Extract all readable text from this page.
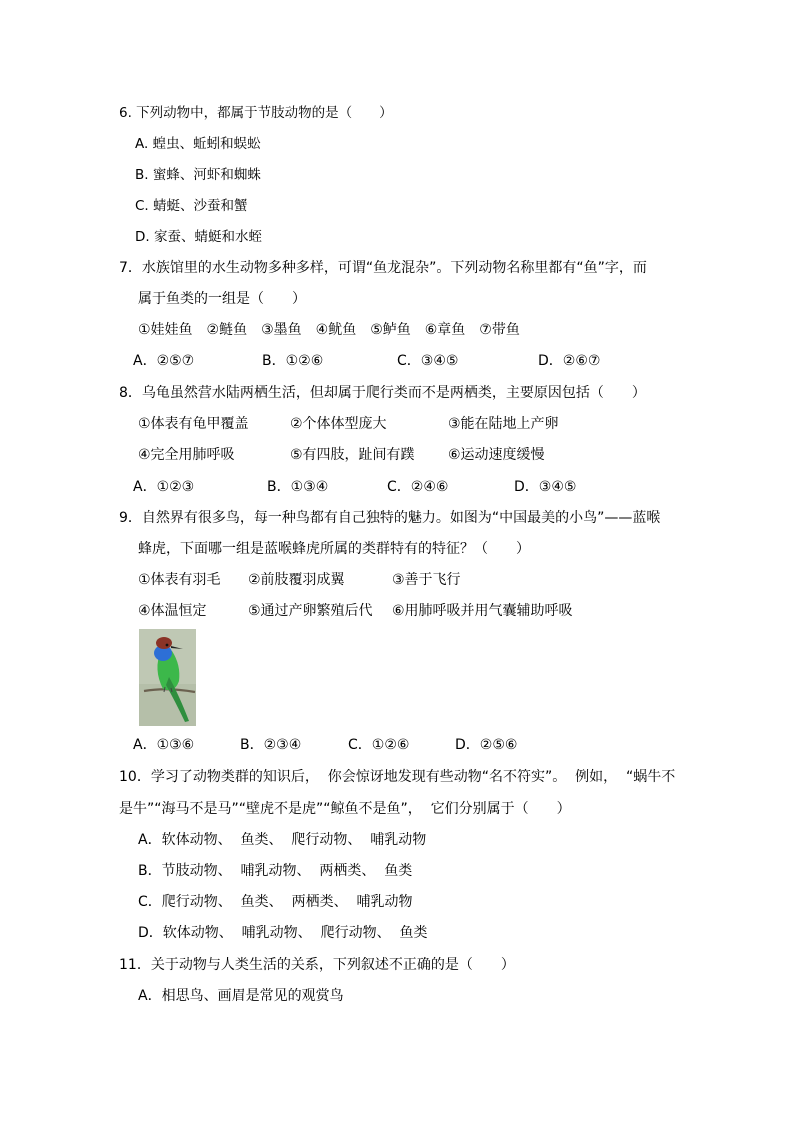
6. 下列动物中，都属于节肢动物的是（　　）
A. 蝗虫、蚯蚓和蜈蚣
B. 蜜蜂、河虾和蜘蛛
C. 蜻蜓、沙蚕和蟹
D. 家蚕、蜻蜓和水蛭
7．水族馆里的水生动物多种多样，可谓“鱼龙混杂”。下列动物名称里都有“鱼”字，而
属于鱼类的一组是（　　）
①娃娃鱼　②鲢鱼　③墨鱼　④鱿鱼　⑤鲈鱼　⑥章鱼　⑦带鱼
A．②⑤⑦	B．①②⑥	C．③④⑤	D．②⑥⑦
8．乌龟虽然营水陆两栖生活，但却属于爬行类而不是两栖类，主要原因包括（　　）
①体表有龟甲覆盖	②个体体型庞大	③能在陆地上产卵
④完全用肺呼吸	⑤有四肢，趾间有蹼 ⑥运动速度缓慢
A．①②③	B．①③④	C．②④⑥	D．③④⑤
9．自然界有很多鸟，每一种鸟都有自己独特的魅力。如图为“中国最美的小鸟”——蓝喉
蜂虎，下面哪一组是蓝喉蜂虎所属的类群特有的特征？（　　）
①体表有羽毛 ②前肢覆羽成翼	③善于飞行
④体温恒定	⑤通过产卵繁殖后代 ⑥用肺呼吸并用气囊辅助呼吸
A．①③⑥	B．②③④	C．①②⑥	D．②⑤⑥
10．学习了动物类群的知识后，  你会惊讶地发现有些动物“名不符实”。  例如，  “蜗牛不
是牛”“海马不是马”“壁虎不是虎”“鲸鱼不是鱼”，  它们分别属于（　　）
A．软体动物、  鱼类、  爬行动物、  哺乳动物
B．节肢动物、  哺乳动物、  两栖类、  鱼类
C．爬行动物、  鱼类、  两栖类、  哺乳动物
D．软体动物、  哺乳动物、  爬行动物、  鱼类
11．关于动物与人类生活的关系，下列叙述不正确的是（　　）
A．相思鸟、画眉是常见的观赏鸟
